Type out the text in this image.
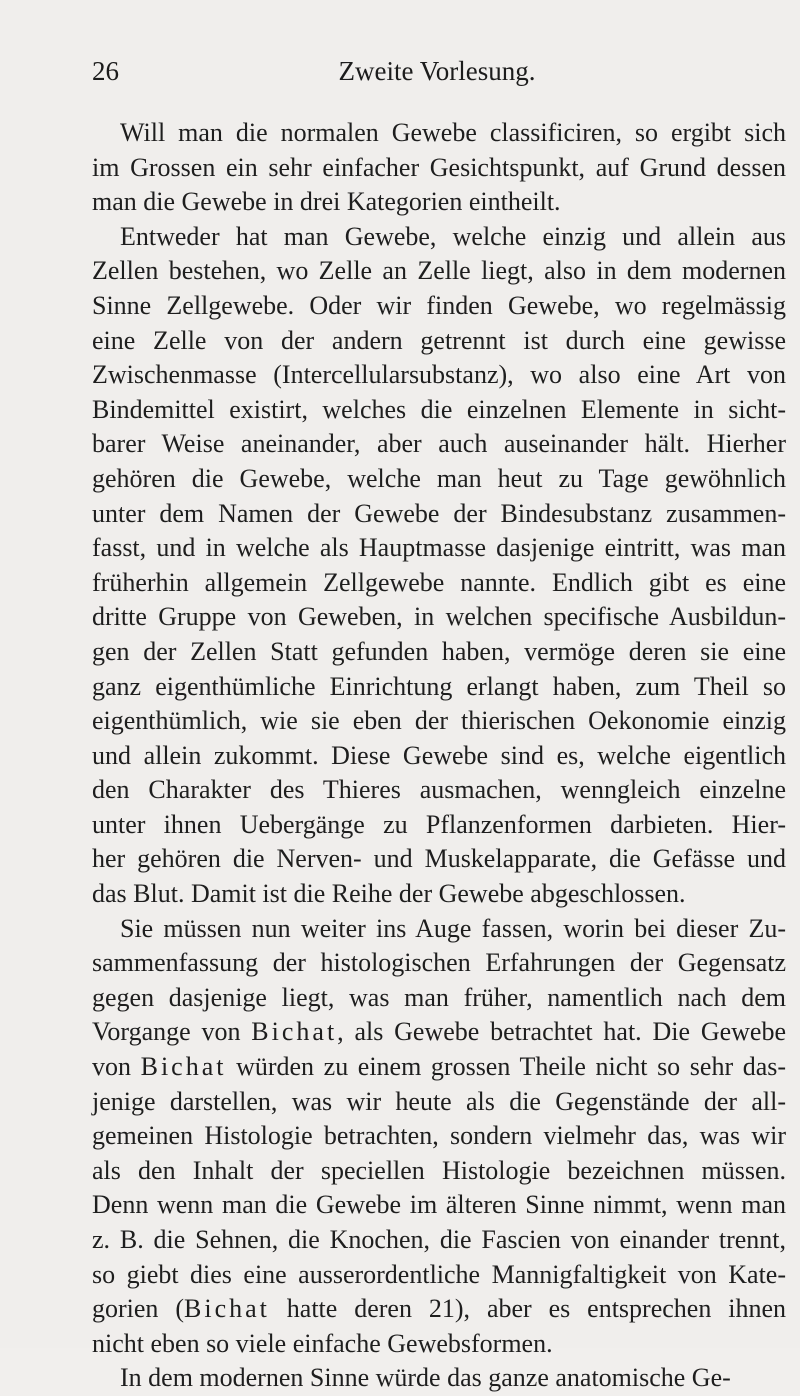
26	Zweite Vorlesung.
Will man die normalen Gewebe classificiren, so ergibt sich
im Grossen ein sehr einfacher Gesichtspunkt, auf Grund dessen
man die Gewebe in drei Kategorien eintheilt.
Entweder hat man Gewebe, welche einzig und allein aus
Zellen bestehen, wo Zelle an Zelle liegt, also in dem modernen
Sinne Zellgewebe. Oder wir finden Gewebe, wo regelmässig
eine Zelle von der andern getrennt ist durch eine gewisse
Zwischenmasse (Intercellularsubstanz), wo also eine Art von
Bindemittel existirt, welches die einzelnen Elemente in sicht-
barer Weise aneinander, aber auch auseinander hält. Hierher
gehören die Gewebe, welche man heut zu Tage gewöhnlich
unter dem Namen der Gewebe der Bindesubstanz zusammen-
fasst, und in welche als Hauptmasse dasjenige eintritt, was man
früherhin allgemein Zellgewebe nannte. Endlich gibt es eine
dritte Gruppe von Geweben, in welchen specifische Ausbildun-
gen der Zellen Statt gefunden haben, vermöge deren sie eine
ganz eigenthümliche Einrichtung erlangt haben, zum Theil so
eigenthümlich, wie sie eben der thierischen Oekonomie einzig
und allein zukommt. Diese Gewebe sind es, welche eigentlich
den Charakter des Thieres ausmachen, wenngleich einzelne
unter ihnen Uebergänge zu Pflanzenformen darbieten. Hier-
her gehören die Nerven- und Muskelapparate, die Gefässe und
das Blut. Damit ist die Reihe der Gewebe abgeschlossen.
Sie müssen nun weiter ins Auge fassen, worin bei dieser Zu-
sammenfassung der histologischen Erfahrungen der Gegensatz
gegen dasjenige liegt, was man früher, namentlich nach dem
Vorgange von Bichat, als Gewebe betrachtet hat. Die Gewebe
von Bichat würden zu einem grossen Theile nicht so sehr das-
jenige darstellen, was wir heute als die Gegenstände der all-
gemeinen Histologie betrachten, sondern vielmehr das, was wir
als den Inhalt der speciellen Histologie bezeichnen müssen.
Denn wenn man die Gewebe im älteren Sinne nimmt, wenn man
z. B. die Sehnen, die Knochen, die Fascien von einander trennt,
so giebt dies eine ausserordentliche Mannigfaltigkeit von Kate-
gorien (Bichat hatte deren 21), aber es entsprechen ihnen
nicht eben so viele einfache Gewebsformen.
In dem modernen Sinne würde das ganze anatomische Ge-
